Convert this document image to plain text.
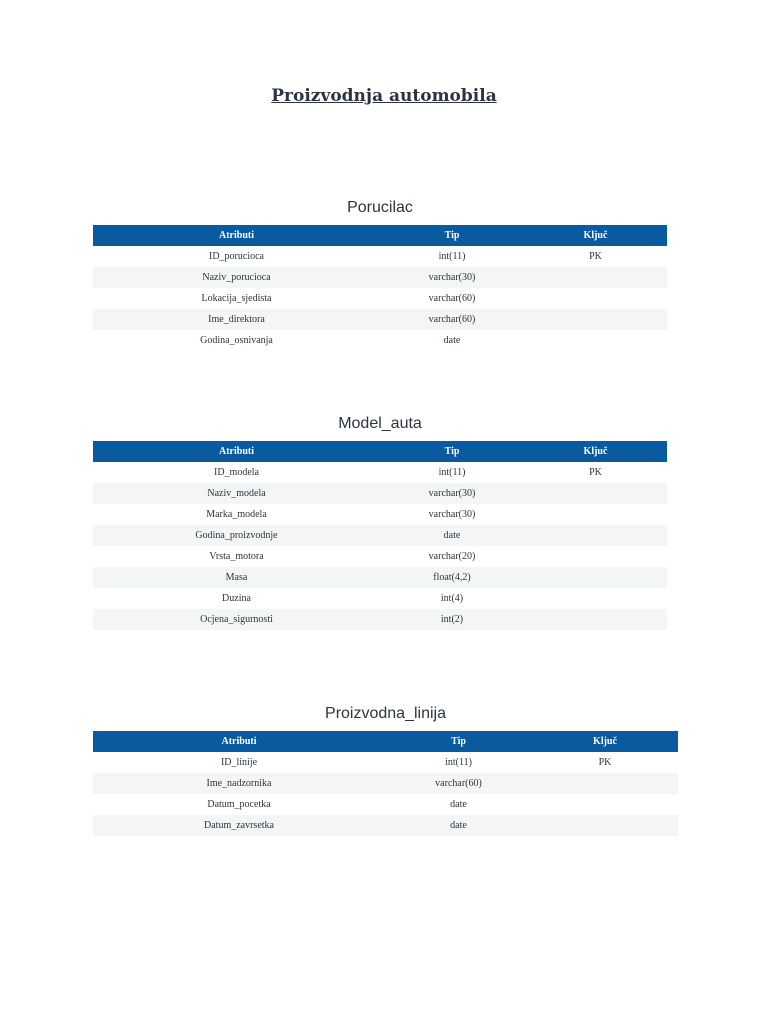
Proizvodnja automobila
Porucilac
Atributi	Tip	Ključ
ID_porucioca	int(11)	PK
Naziv_porucioca	varchar(30)	
Lokacija_sjedista	varchar(60)	
Ime_direktora	varchar(60)	
Godina_osnivanja	date	
Model_auta
Atributi	Tip	Ključ
ID_modela	int(11)	PK
Naziv_modela	varchar(30)	
Marka_modela	varchar(30)	
Godina_proizvodnje	date	
Vrsta_motora	varchar(20)	
Masa	float(4,2)	
Duzina	int(4)	
Ocjena_sigurnosti	int(2)	
Proizvodna_linija
Atributi	Tip	Ključ
ID_linije	int(11)	PK
Ime_nadzornika	varchar(60)	
Datum_pocetka	date	
Datum_zavrsetka	date	
